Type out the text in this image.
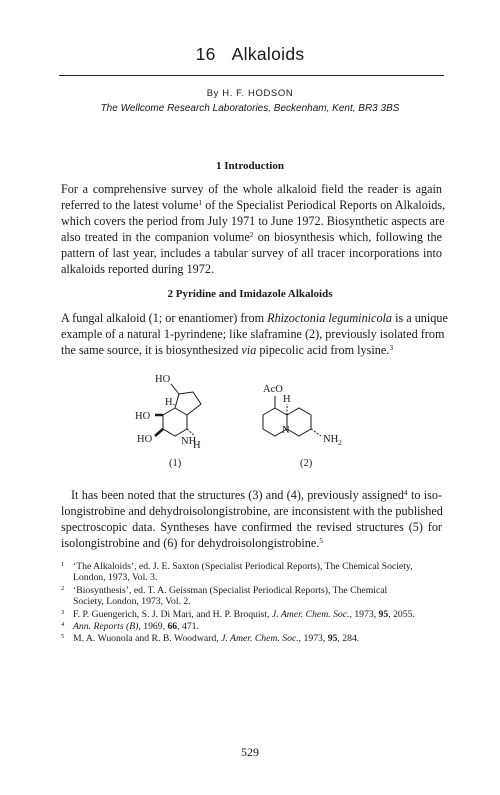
16 Alkaloids
By H. F. HODSON
The Wellcome Research Laboratories, Beckenham, Kent, BR3 3BS
1 Introduction
For a comprehensive survey of the whole alkaloid field the reader is again
referred to the latest volume$^1$ of the Specialist Periodical Reports on Alkaloids,
which covers the period from July 1971 to June 1972. Biosynthetic aspects are
also treated in the companion volume$^2$ on biosynthesis which, following the
pattern of last year, includes a tabular survey of all tracer incorporations into
alkaloids reported during 1972.
2 Pyridine and Imidazole Alkaloids
A fungal alkaloid (1; or enantiomer) from Rhizoctonia leguminicola is a unique
example of a natural 1-pyrindene; like slaframine (2), previously isolated from
the same source, it is biosynthesized via pipecolic acid from lysine.$^3$
HO
H.
HO
H
NH
HO
(1)
AcO
H
N
$NH_2$
(2)
It has been noted that the structures (3) and (4), previously assigned$^4$ to iso-
longistrobine and dehydroisolongistrobine, are inconsistent with the published
spectroscopic data. Syntheses have confirmed the revised structures (5) for
isolongistrobine and (6) for dehydroisolongistrobine.$^5$
1 ‘The Alkaloids’, ed. J. E. Saxton (Specialist Periodical Reports), The Chemical Society,
London, 1973, Vol. 3.
2 ‘Biosynthesis’, ed. T. A. Geissman (Specialist Periodical Reports), The Chemical
Society, London, 1973, Vol. 2.
3 F. P. Guengerich, S. J. Di Mari, and H. P. Broquist, J. Amer. Chem. Soc., 1973, 95, 2055.
4 Ann. Reports (B), 1969, 66, 471.
5 M. A. Wuonola and R. B. Woodward, J. Amer. Chem. Soc., 1973, 95, 284.
529
